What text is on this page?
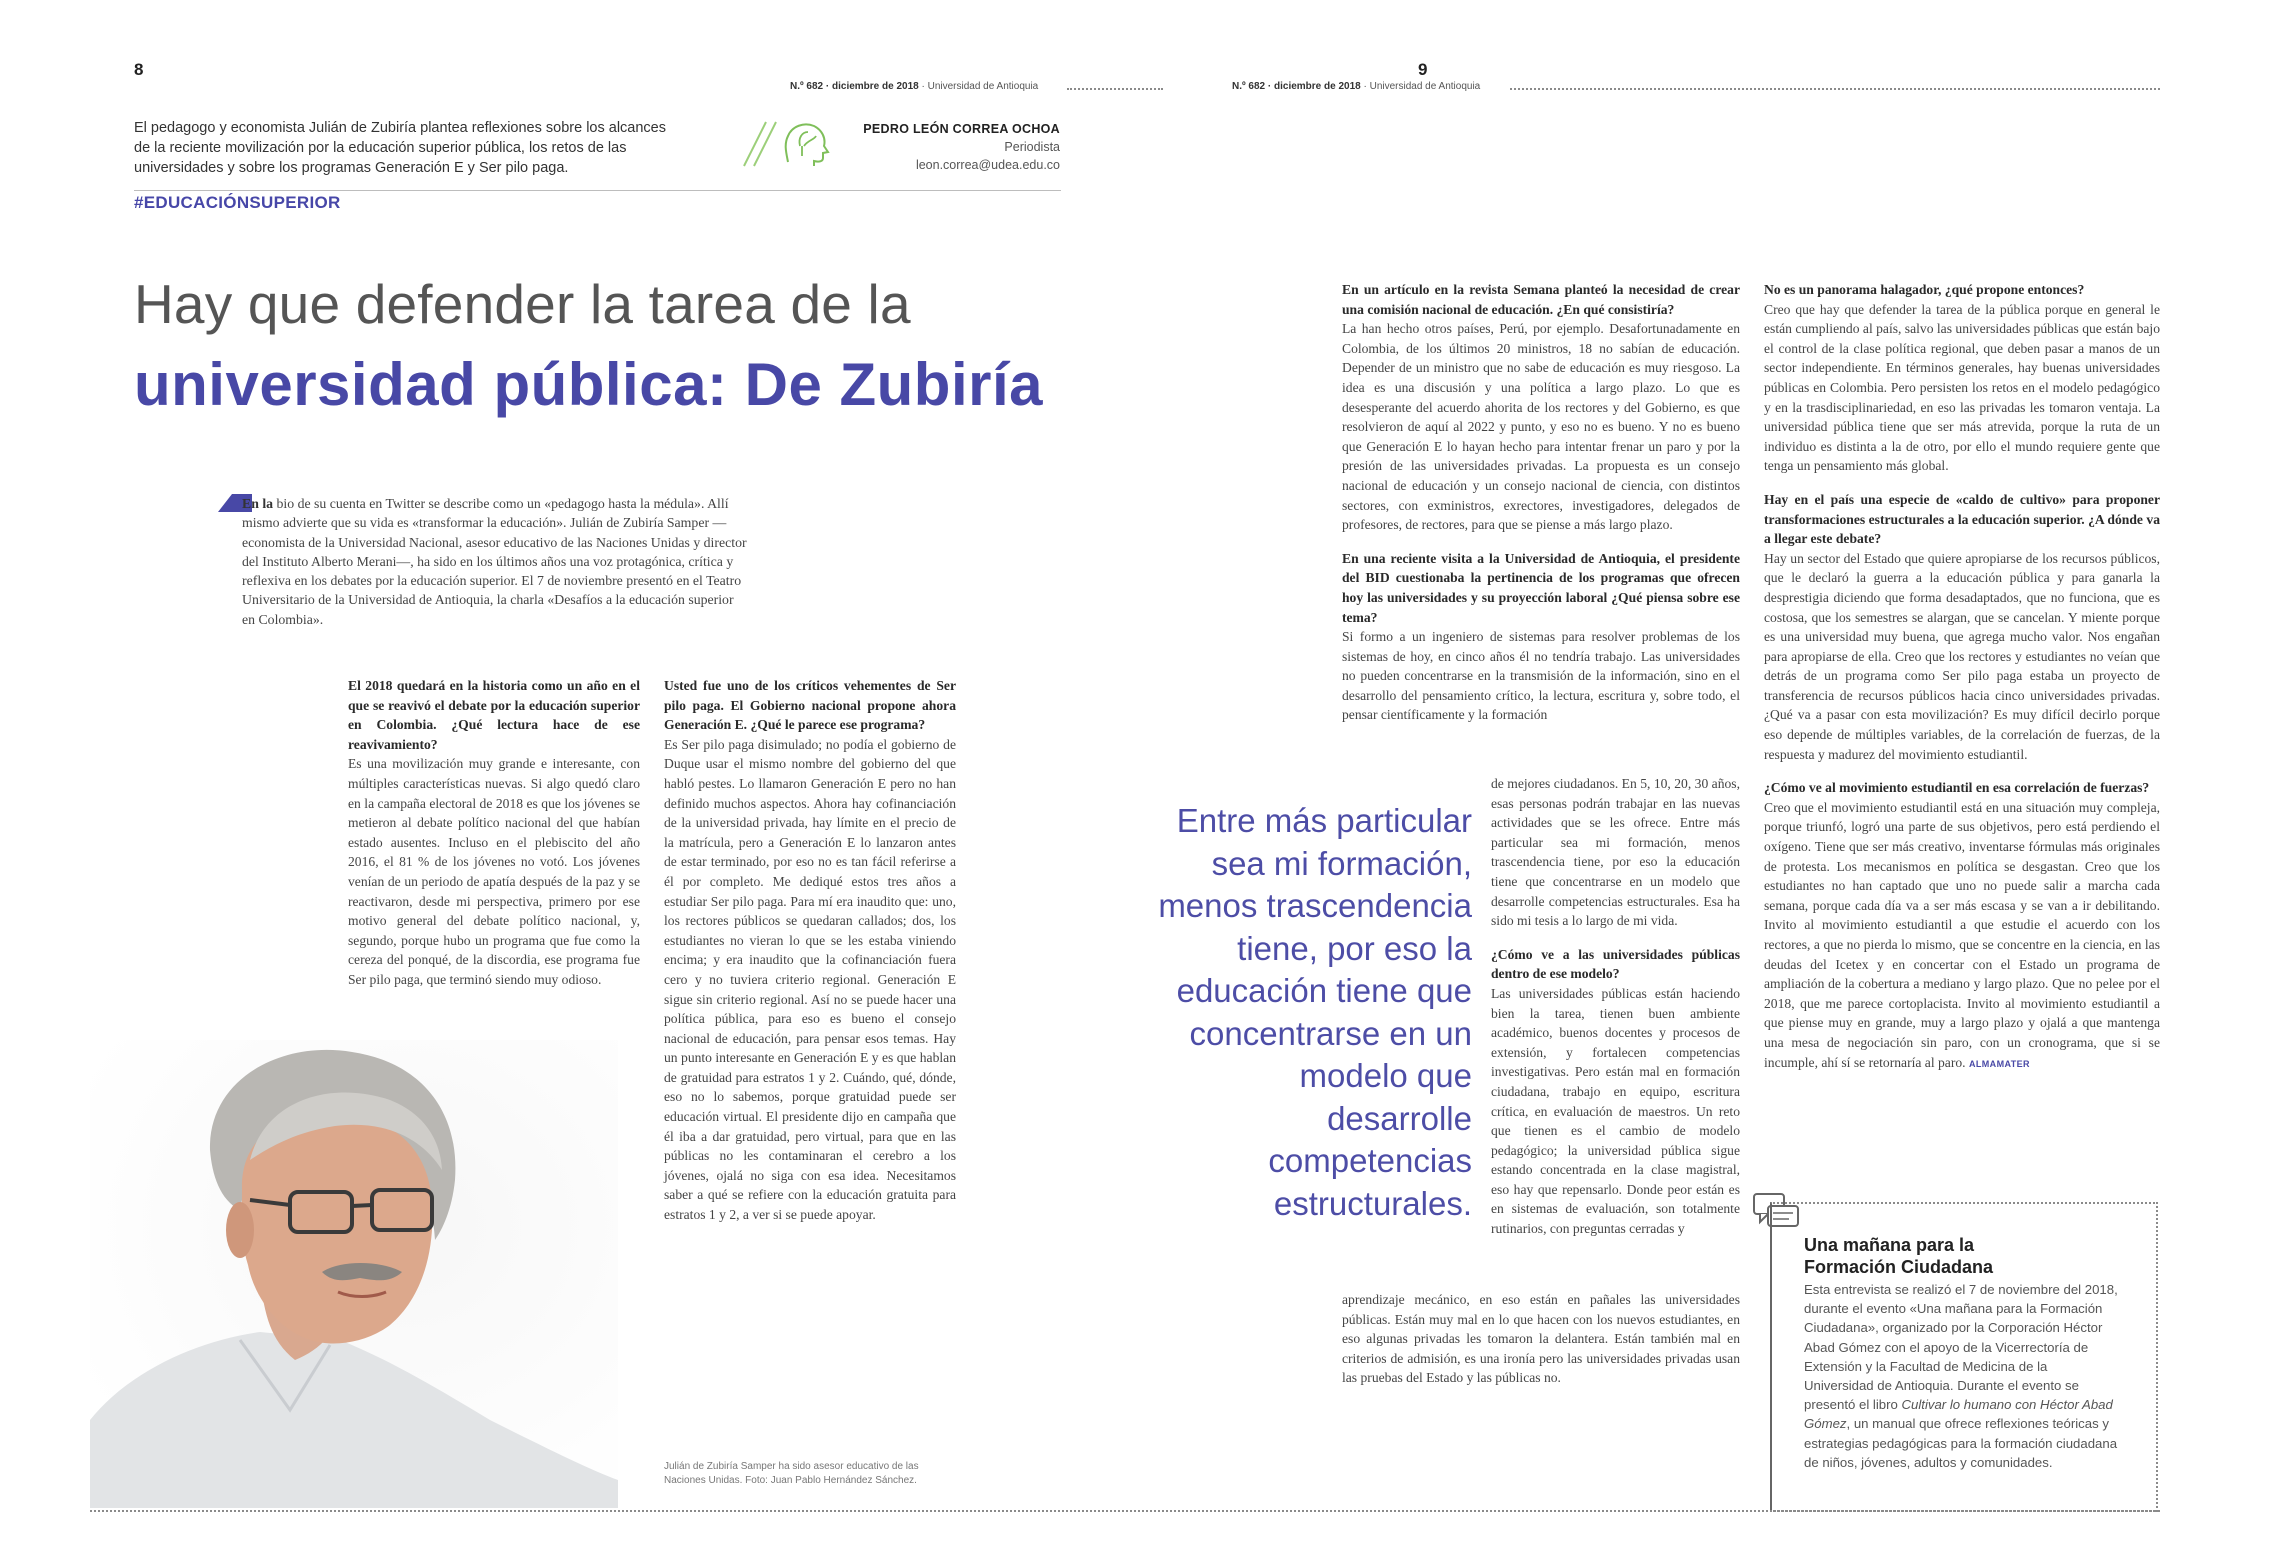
8	9
N.º 682 · diciembre de 2018 · Universidad de Antioquia	N.º 682 · diciembre de 2018 · Universidad de Antioquia
El pedagogo y economista Julián de Zubiría plantea reflexiones sobre los alcances de la reciente movilización por la educación superior pública, los retos de las universidades y sobre los programas Generación E y Ser pilo paga.
PEDRO LEÓN CORREA OCHOA
Periodista
leon.correa@udea.edu.co
#EDUCACIÓNSUPERIOR
Hay que defender la tarea de la
universidad pública: De Zubiría
En la bio de su cuenta en Twitter se describe como un «pedagogo hasta la médula». Allí mismo advierte que su vida es «transformar la educación». Julián de Zubiría Samper —economista de la Universidad Nacional, asesor educativo de las Naciones Unidas y director del Instituto Alberto Merani—, ha sido en los últimos años una voz protagónica, crítica y reflexiva en los debates por la educación superior. El 7 de noviembre presentó en el Teatro Universitario de la Universidad de Antioquia, la charla «Desafíos a la educación superior en Colombia».

El 2018 quedará en la historia como un año en el que se reavivó el debate por la educación superior en Colombia. ¿Qué lectura hace de ese reavivamiento?

Es una movilización muy grande e interesante, con múltiples características nuevas. Si algo quedó claro en la campaña electoral de 2018 es que los jóvenes se metieron al debate político nacional del que habían estado ausentes. Incluso en el plebiscito del año 2016, el 81 % de los jóvenes no votó. Los jóvenes venían de un periodo de apatía después de la paz y se reactivaron, desde mi perspectiva, primero por ese motivo general del debate político nacional, y, segundo, porque hubo un programa que fue como la cereza del ponqué, de la discordia, ese programa fue Ser pilo paga, que terminó siendo muy odioso.

Usted fue uno de los críticos vehementes de Ser pilo paga. El Gobierno nacional propone ahora Generación E. ¿Qué le parece ese programa?

Es Ser pilo paga disimulado; no podía el gobierno de Duque usar el mismo nombre del gobierno del que habló pestes. Lo llamaron Generación E pero no han definido muchos aspectos. Ahora hay cofinanciación de la universidad privada, hay límite en el precio de la matrícula, pero a Generación E lo lanzaron antes de estar terminado, por eso no es tan fácil referirse a él por completo. Me dediqué estos tres años a estudiar Ser pilo paga. Para mí era inaudito que: uno, los rectores públicos se quedaran callados; dos, los estudiantes no vieran lo que se les estaba viniendo encima; y era inaudito que la cofinanciación fuera cero y no tuviera criterio regional. Generación E sigue sin criterio regional. Así no se puede hacer una política pública, para eso es bueno el consejo nacional de educación, para pensar esos temas. Hay un punto interesante en Generación E y es que hablan de gratuidad para estratos 1 y 2. Cuándo, qué, dónde, eso no lo sabemos, porque gratuidad puede ser educación virtual. El presidente dijo en campaña que él iba a dar gratuidad, pero virtual, para que en las públicas no les contaminaran el cerebro a los jóvenes, ojalá no siga con esa idea. Necesitamos saber a qué se refiere con la educación gratuita para estratos 1 y 2, a ver si se puede apoyar.

Julián de Zubiría Samper ha sido asesor educativo de las Naciones Unidas. Foto: Juan Pablo Hernández Sánchez.

En un artículo en la revista Semana planteó la necesidad de crear una comisión nacional de educación. ¿En qué consistiría?

La han hecho otros países, Perú, por ejemplo. Desafortunadamente en Colombia, de los últimos 20 ministros, 18 no sabían de educación. Depender de un ministro que no sabe de educación es muy riesgoso. La idea es una discusión y una política a largo plazo. Lo que es desesperante del acuerdo ahorita de los rectores y del Gobierno, es que resolvieron de aquí al 2022 y punto, y eso no es bueno. Y no es bueno que Generación E lo hayan hecho para intentar frenar un paro y por la presión de las universidades privadas. La propuesta es un consejo nacional de educación y un consejo nacional de ciencia, con distintos sectores, con exministros, exrectores, investigadores, delegados de profesores, de rectores, para que se piense a más largo plazo.

En una reciente visita a la Universidad de Antioquia, el presidente del BID cuestionaba la pertinencia de los programas que ofrecen hoy las universidades y su proyección laboral ¿Qué piensa sobre ese tema?

Si formo a un ingeniero de sistemas para resolver problemas de los sistemas de hoy, en cinco años él no tendría trabajo. Las universidades no pueden concentrarse en la transmisión de la información, sino en el desarrollo del pensamiento crítico, la lectura, escritura y, sobre todo, el pensar científicamente y la formación

de mejores ciudadanos. En 5, 10, 20, 30 años, esas personas podrán trabajar en las nuevas actividades que se les ofrece. Entre más particular sea mi formación, menos trascendencia tiene, por eso la educación tiene que concentrarse en un modelo que desarrolle competencias estructurales. Esa ha sido mi tesis a lo largo de mi vida.

¿Cómo ve a las universidades públicas dentro de ese modelo?

Las universidades públicas están haciendo bien la tarea, tienen buen ambiente académico, buenos docentes y procesos de extensión, y fortalecen competencias investigativas. Pero están mal en formación ciudadana, trabajo en equipo, escritura crítica, en evaluación de maestros. Un reto que tienen es el cambio de modelo pedagógico; la universidad pública sigue estando concentrada en la clase magistral, eso hay que repensarlo. Donde peor están es en sistemas de evaluación, son totalmente rutinarios, con preguntas cerradas y

aprendizaje mecánico, en eso están en pañales las universidades públicas. Están muy mal en lo que hacen con los nuevos estudiantes, en eso algunas privadas les tomaron la delantera. Están también mal en criterios de admisión, es una ironía pero las universidades privadas usan las pruebas del Estado y las públicas no.

Entre más particular sea mi formación, menos trascendencia tiene, por eso la educación tiene que concentrarse en un modelo que desarrolle competencias estructurales.

No es un panorama halagador, ¿qué propone entonces?

Creo que hay que defender la tarea de la pública porque en general le están cumpliendo al país, salvo las universidades públicas que están bajo el control de la clase política regional, que deben pasar a manos de un sector independiente. En términos generales, hay buenas universidades públicas en Colombia. Pero persisten los retos en el modelo pedagógico y en la trasdisciplinariedad, en eso las privadas les tomaron ventaja. La universidad pública tiene que ser más atrevida, porque la ruta de un individuo es distinta a la de otro, por ello el mundo requiere gente que tenga un pensamiento más global.

Hay en el país una especie de «caldo de cultivo» para proponer transformaciones estructurales a la educación superior. ¿A dónde va a llegar este debate?

Hay un sector del Estado que quiere apropiarse de los recursos públicos, que le declaró la guerra a la educación pública y para ganarla la desprestigia diciendo que forma desadaptados, que no funciona, que es costosa, que los semestres se alargan, que se cancelan. Y miente porque es una universidad muy buena, que agrega mucho valor. Nos engañan para apropiarse de ella. Creo que los rectores y estudiantes no veían que detrás de un programa como Ser pilo paga estaba un proyecto de transferencia de recursos públicos hacia cinco universidades privadas. ¿Qué va a pasar con esta movilización? Es muy difícil decirlo porque eso depende de múltiples variables, de la correlación de fuerzas, de la respuesta y madurez del movimiento estudiantil.

¿Cómo ve al movimiento estudiantil en esa correlación de fuerzas?

Creo que el movimiento estudiantil está en una situación muy compleja, porque triunfó, logró una parte de sus objetivos, pero está perdiendo el oxígeno. Tiene que ser más creativo, inventarse fórmulas más originales de protesta. Los mecanismos en política se desgastan. Creo que los estudiantes no han captado que uno no puede salir a marcha cada semana, porque cada día va a ser más escasa y se van a ir debilitando. Invito al movimiento estudiantil a que estudie el acuerdo con los rectores, a que no pierda lo mismo, que se concentre en la ciencia, en las deudas del Icetex y en concertar con el Estado un programa de ampliación de la cobertura a mediano y largo plazo. Que no pelee por el 2018, que me parece cortoplacista. Invito al movimiento estudiantil a que piense muy en grande, muy a largo plazo y ojalá a que mantenga una mesa de negociación sin paro, con un cronograma, que si se incumple, ahí sí se retornaría al paro. ALMAMATER

Una mañana para la Formación Ciudadana
Esta entrevista se realizó el 7 de noviembre del 2018, durante el evento «Una mañana para la Formación Ciudadana», organizado por la Corporación Héctor Abad Gómez con el apoyo de la Vicerrectoría de Extensión y la Facultad de Medicina de la Universidad de Antioquia. Durante el evento se presentó el libro Cultivar lo humano con Héctor Abad Gómez, un manual que ofrece reflexiones teóricas y estrategias pedagógicas para la formación ciudadana de niños, jóvenes, adultos y comunidades.
